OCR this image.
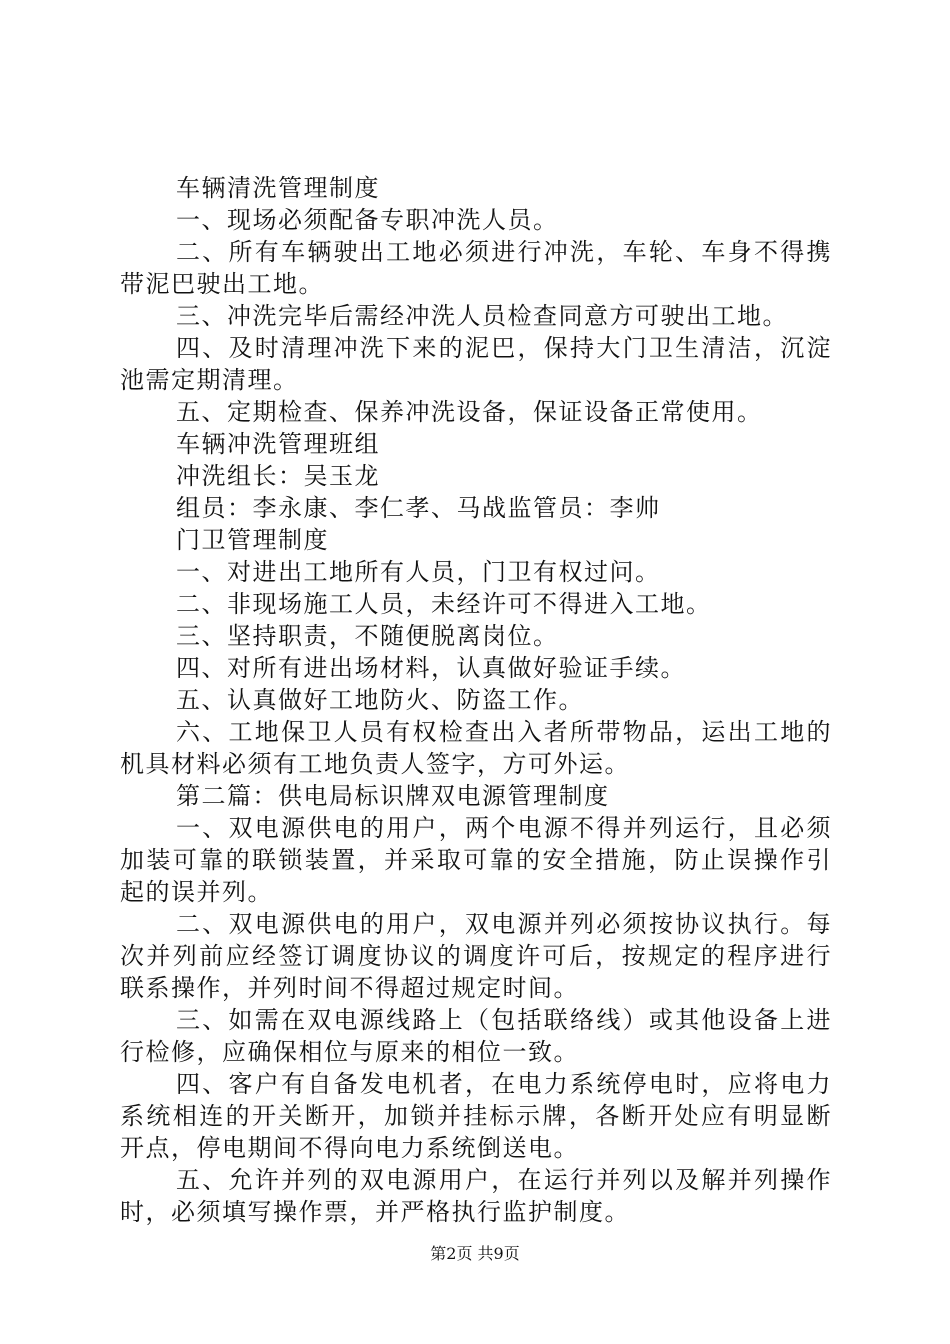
车辆清洗管理制度

一、现场必须配备专职冲洗人员。

二、所有车辆驶出工地必须进行冲洗，车轮、车身不得携带泥巴驶出工地。

三、冲洗完毕后需经冲洗人员检查同意方可驶出工地。

四、及时清理冲洗下来的泥巴，保持大门卫生清洁，沉淀池需定期清理。

五、定期检查、保养冲洗设备，保证设备正常使用。

车辆冲洗管理班组

冲洗组长：吴玉龙

组员：李永康、李仁孝、马战监管员：李帅

门卫管理制度

一、对进出工地所有人员，门卫有权过问。

二、非现场施工人员，未经许可不得进入工地。

三、坚持职责，不随便脱离岗位。

四、对所有进出场材料，认真做好验证手续。

五、认真做好工地防火、防盗工作。

六、工地保卫人员有权检查出入者所带物品，运出工地的机具材料必须有工地负责人签字，方可外运。

第二篇：供电局标识牌双电源管理制度

一、双电源供电的用户，两个电源不得并列运行，且必须加装可靠的联锁装置，并采取可靠的安全措施，防止误操作引起的误并列。

二、双电源供电的用户，双电源并列必须按协议执行。每次并列前应经签订调度协议的调度许可后，按规定的程序进行联系操作，并列时间不得超过规定时间。

三、如需在双电源线路上（包括联络线）或其他设备上进行检修，应确保相位与原来的相位一致。

四、客户有自备发电机者，在电力系统停电时，应将电力系统相连的开关断开，加锁并挂标示牌，各断开处应有明显断开点，停电期间不得向电力系统倒送电。

五、允许并列的双电源用户，在运行并列以及解并列操作时，必须填写操作票，并严格执行监护制度。

第2页 共9页
